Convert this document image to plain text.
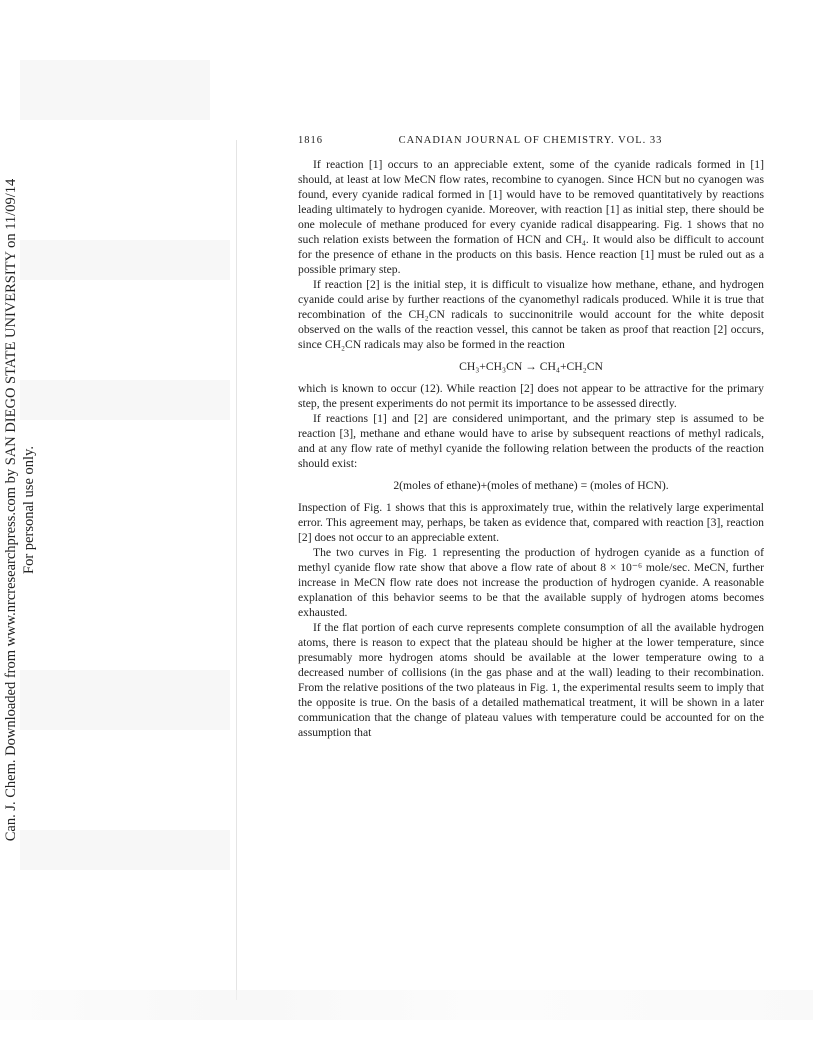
Can. J. Chem. Downloaded from www.nrcresearchpress.com by SAN DIEGO STATE UNIVERSITY on 11/09/14 For personal use only.
1816	CANADIAN JOURNAL OF CHEMISTRY. VOL. 33

If reaction [1] occurs to an appreciable extent, some of the cyanide radicals formed in [1] should, at least at low MeCN flow rates, recombine to cyanogen. Since HCN but no cyanogen was found, every cyanide radical formed in [1] would have to be removed quantitatively by reactions leading ultimately to hydrogen cyanide. Moreover, with reaction [1] as initial step, there should be one molecule of methane produced for every cyanide radical disappearing. Fig. 1 shows that no such relation exists between the formation of HCN and CH₄. It would also be difficult to account for the presence of ethane in the products on this basis. Hence reaction [1] must be ruled out as a possible primary step.

If reaction [2] is the initial step, it is difficult to visualize how methane, ethane, and hydrogen cyanide could arise by further reactions of the cyanomethyl radicals produced. While it is true that recombination of the CH₂CN radicals to succinonitrile would account for the white deposit observed on the walls of the reaction vessel, this cannot be taken as proof that reaction [2] occurs, since CH₂CN radicals may also be formed in the reaction

CH₃+CH₃CN → CH₄+CH₂CN

which is known to occur (12). While reaction [2] does not appear to be attractive for the primary step, the present experiments do not permit its importance to be assessed directly.

If reactions [1] and [2] are considered unimportant, and the primary step is assumed to be reaction [3], methane and ethane would have to arise by subsequent reactions of methyl radicals, and at any flow rate of methyl cyanide the following relation between the products of the reaction should exist:

2(moles of ethane)+(moles of methane) = (moles of HCN).

Inspection of Fig. 1 shows that this is approximately true, within the relatively large experimental error. This agreement may, perhaps, be taken as evidence that, compared with reaction [3], reaction [2] does not occur to an appreciable extent.

The two curves in Fig. 1 representing the production of hydrogen cyanide as a function of methyl cyanide flow rate show that above a flow rate of about 8 × 10⁻⁶ mole/sec. MeCN, further increase in MeCN flow rate does not increase the production of hydrogen cyanide. A reasonable explanation of this behavior seems to be that the available supply of hydrogen atoms becomes exhausted.

If the flat portion of each curve represents complete consumption of all the available hydrogen atoms, there is reason to expect that the plateau should be higher at the lower temperature, since presumably more hydrogen atoms should be available at the lower temperature owing to a decreased number of collisions (in the gas phase and at the wall) leading to their recombination. From the relative positions of the two plateaus in Fig. 1, the experimental results seem to imply that the opposite is true. On the basis of a detailed mathematical treatment, it will be shown in a later communication that the change of plateau values with temperature could be accounted for on the assumption that
